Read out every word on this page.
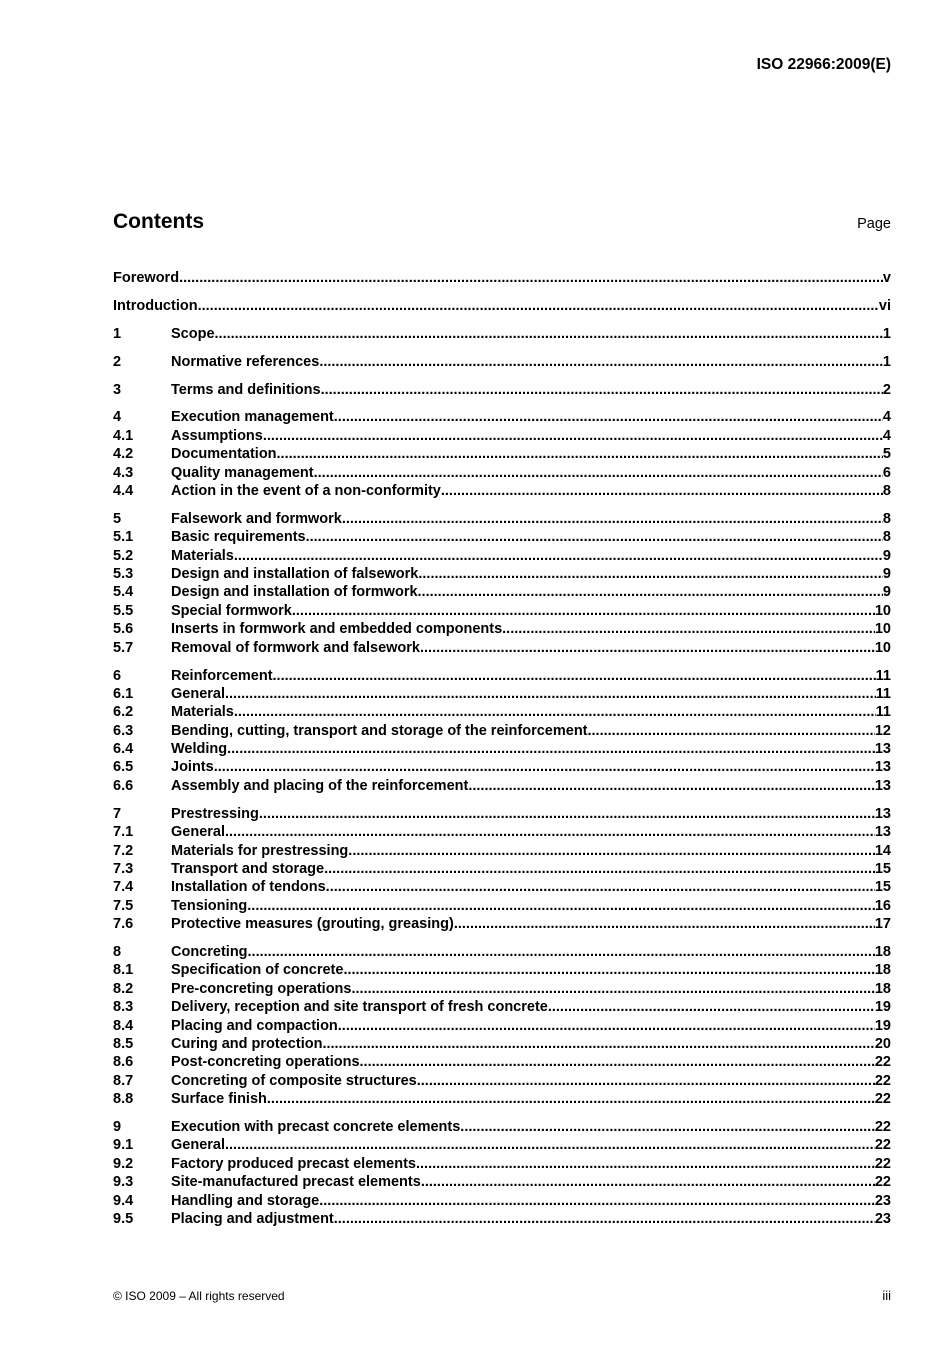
ISO 22966:2009(E)
Contents	Page
Foreword .....	v
Introduction .....	vi
1	Scope .....	1
2	Normative references .....	1
3	Terms and definitions .....	2
4	Execution management .....	4
4.1	Assumptions .....	4
4.2	Documentation .....	5
4.3	Quality management .....	6
4.4	Action in the event of a non-conformity .....	8
5	Falsework and formwork .....	8
5.1	Basic requirements .....	8
5.2	Materials .....	9
5.3	Design and installation of falsework .....	9
5.4	Design and installation of formwork .....	9
5.5	Special formwork .....	10
5.6	Inserts in formwork and embedded components .....	10
5.7	Removal of formwork and falsework .....	10
6	Reinforcement .....	11
6.1	General .....	11
6.2	Materials .....	11
6.3	Bending, cutting, transport and storage of the reinforcement .....	12
6.4	Welding .....	13
6.5	Joints .....	13
6.6	Assembly and placing of the reinforcement .....	13
7	Prestressing .....	13
7.1	General .....	13
7.2	Materials for prestressing .....	14
7.3	Transport and storage .....	15
7.4	Installation of tendons .....	15
7.5	Tensioning .....	16
7.6	Protective measures (grouting, greasing) .....	17
8	Concreting .....	18
8.1	Specification of concrete .....	18
8.2	Pre-concreting operations .....	18
8.3	Delivery, reception and site transport of fresh concrete .....	19
8.4	Placing and compaction .....	19
8.5	Curing and protection .....	20
8.6	Post-concreting operations .....	22
8.7	Concreting of composite structures .....	22
8.8	Surface finish .....	22
9	Execution with precast concrete elements .....	22
9.1	General .....	22
9.2	Factory produced precast elements .....	22
9.3	Site-manufactured precast elements .....	22
9.4	Handling and storage .....	23
9.5	Placing and adjustment .....	23
© ISO 2009 – All rights reserved	iii
